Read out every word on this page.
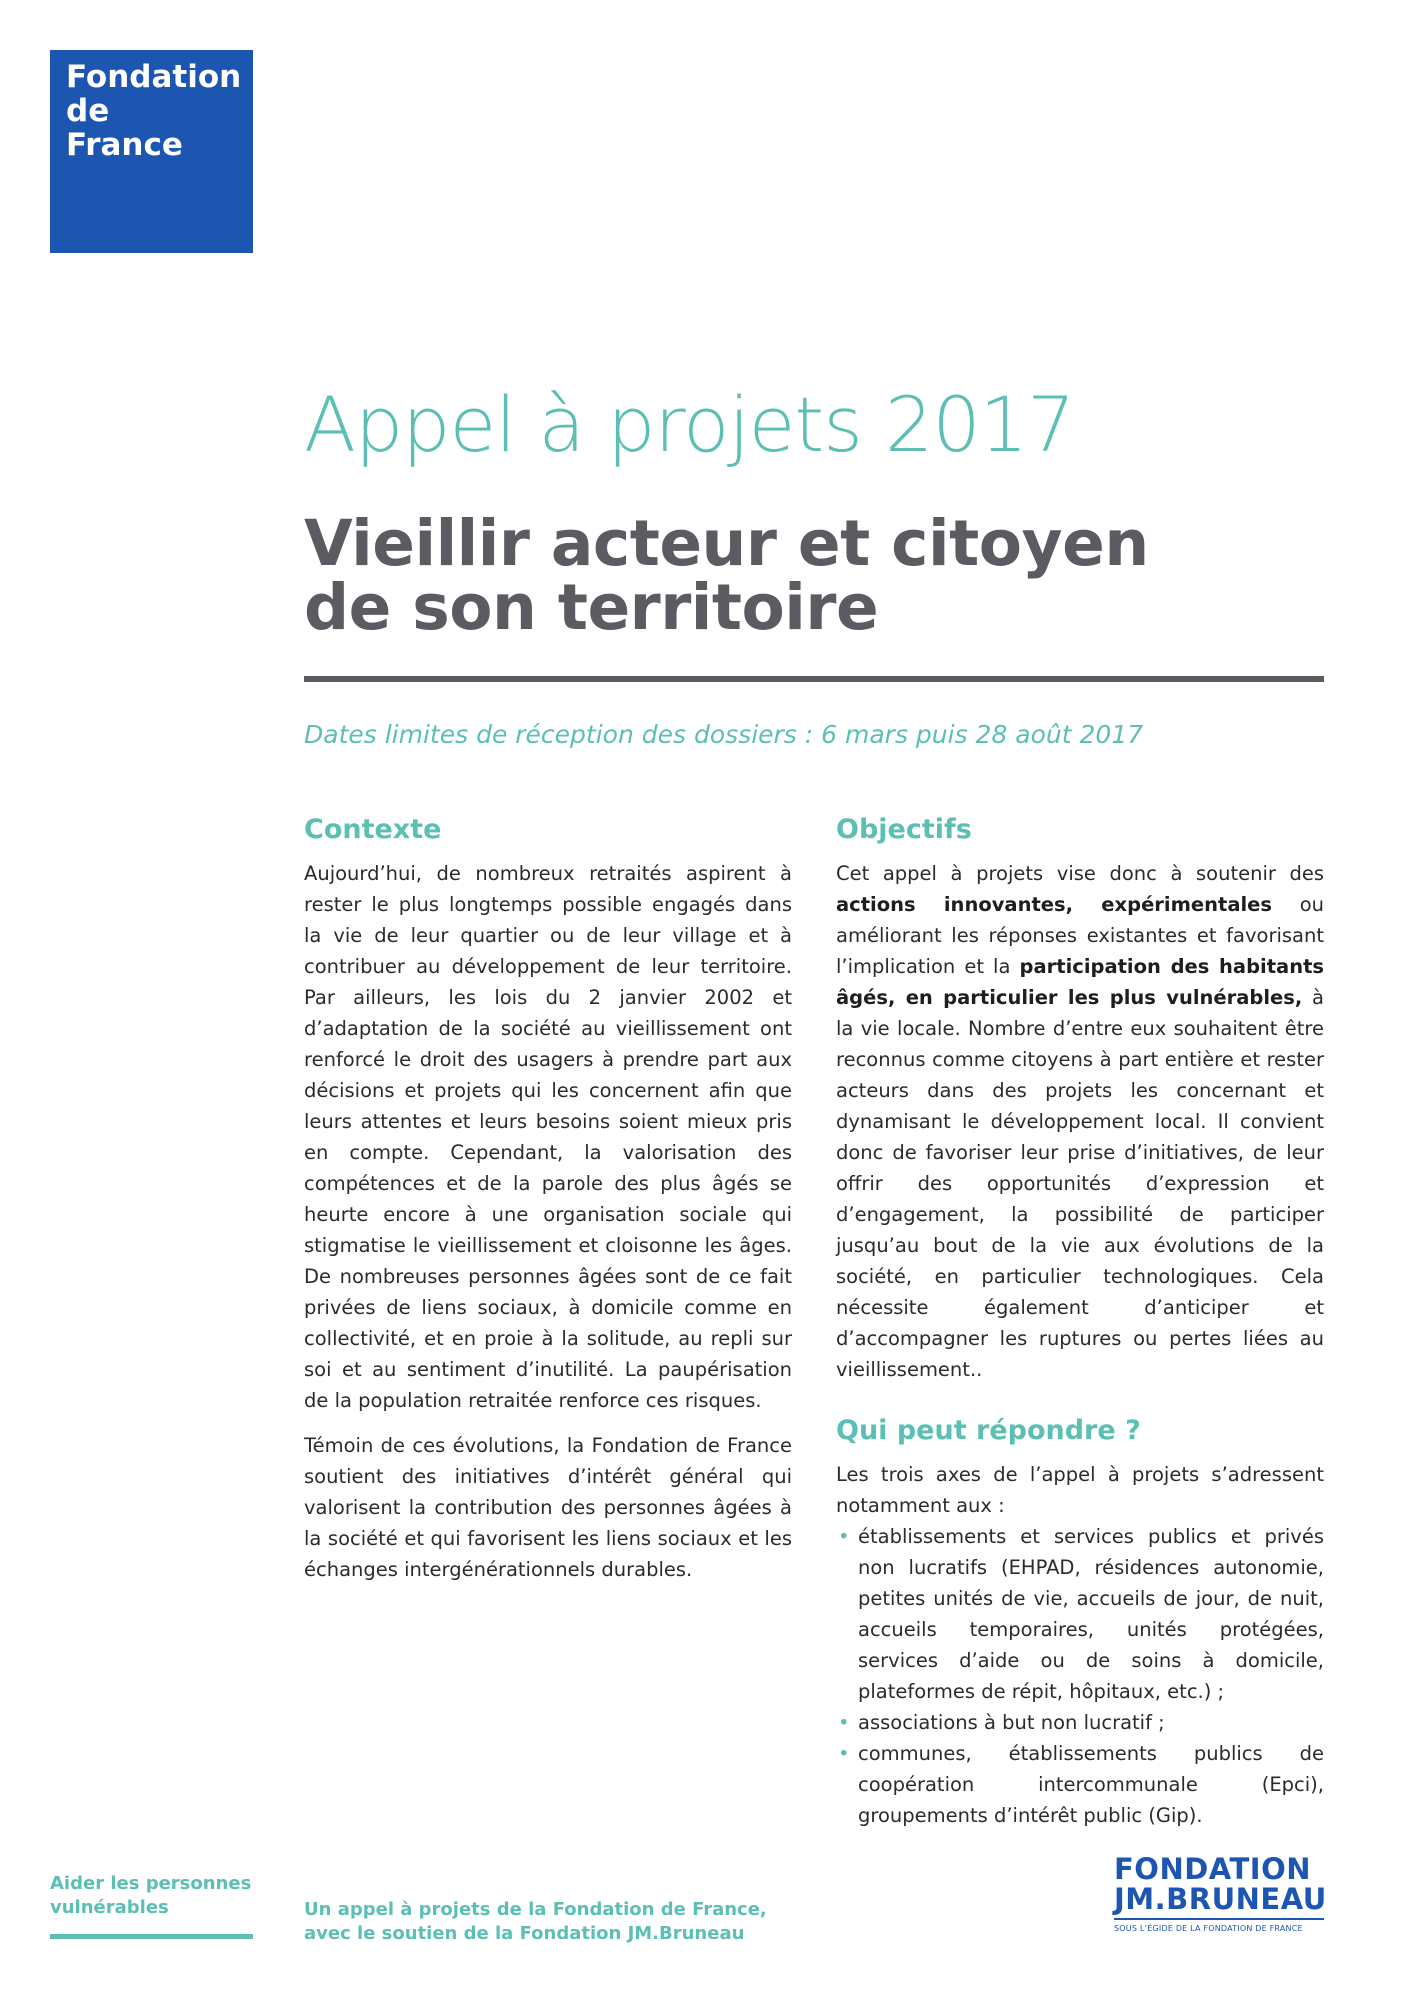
Fondation
de
France
Appel à projets 2017
Vieillir acteur et citoyen
de son territoire
Dates limites de réception des dossiers : 6 mars puis 28 août 2017
Contexte

Aujourd’hui, de nombreux retraités aspirent à rester le plus longtemps possible engagés dans la vie de leur quartier ou de leur village et à contribuer au développement de leur territoire. Par ailleurs, les lois du 2 janvier 2002 et d’adaptation de la société au vieillissement ont renforcé le droit des usagers à prendre part aux décisions et projets qui les concernent afin que leurs attentes et leurs besoins soient mieux pris en compte. Cependant, la valorisation des compétences et de la parole des plus âgés se heurte encore à une organisation sociale qui stigmatise le vieillissement et cloisonne les âges. De nombreuses personnes âgées sont de ce fait privées de liens sociaux, à domicile comme en collectivité, et en proie à la solitude, au repli sur soi et au sentiment d’inutilité. La paupérisation de la population retraitée renforce ces risques.

Témoin de ces évolutions, la Fondation de France soutient des initiatives d’intérêt général qui valorisent la contribution des personnes âgées à la société et qui favorisent les liens sociaux et les échanges intergénérationnels durables.

Objectifs

Cet appel à projets vise donc à soutenir des actions innovantes, expérimentales ou améliorant les réponses existantes et favorisant l’implication et la participation des habitants âgés, en particulier les plus vulnérables, à la vie locale. Nombre d’entre eux souhaitent être reconnus comme citoyens à part entière et rester acteurs dans des projets les concernant et dynamisant le développement local. Il convient donc de favoriser leur prise d’initiatives, de leur offrir des opportunités d’expression et d’engagement, la possibilité de participer jusqu’au bout de la vie aux évolutions de la société, en particulier technologiques. Cela nécessite également d’anticiper et d’accompagner les ruptures ou pertes liées au vieillissement..

Qui peut répondre ?

Les trois axes de l’appel à projets s’adressent notamment aux :

• établissements et services publics et privés non lucratifs (EHPAD, résidences autonomie, petites unités de vie, accueils de jour, de nuit, accueils temporaires, unités protégées, services d’aide ou de soins à domicile, plateformes de répit, hôpitaux, etc.) ;
• associations à but non lucratif ;
• communes, établissements publics de coopération intercommunale (Epci), groupements d’intérêt public (Gip).
Aider les personnes
vulnérables	Un appel à projets de la Fondation de France,
avec le soutien de la Fondation JM.Bruneau
FONDATION
JM.BRUNEAU
SOUS L’ÉGIDE DE LA FONDATION DE FRANCE
